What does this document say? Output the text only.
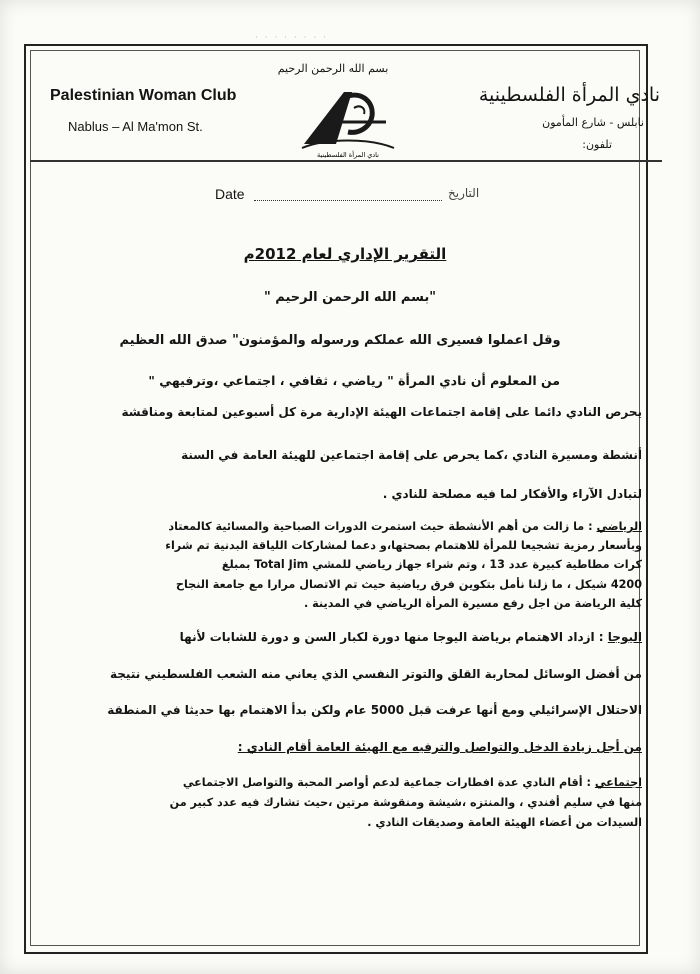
· · · · · · · ·
Palestinian Woman Club
Nablus – Al Ma'mon St.
نادي المرأة الفلسطينية
نابلس - شارع المأمون
تلفون:
بسم الله الرحمن الرحيم
نادي المرأة الفلسطينية
Date	التاريخ
التقرير الإداري لعام 2012م
"بسم الله الرحمن الرحيم "
وقل اعملوا فسيرى الله عملكم ورسوله والمؤمنون" صدق الله العظيم
من المعلوم أن نادي المرأة " رياضي ، ثقافي ، اجتماعي ،وترفيهي "
يحرص النادي دائما على إقامة اجتماعات الهيئة الإدارية مرة كل أسبوعين لمتابعة ومناقشة
أنشطة ومسيرة النادي ،كما يحرص على إقامة اجتماعين للهيئة العامة في السنة
لتبادل الآراء والأفكار لما فيه مصلحة للنادي .
الرياضي : ما زالت من أهم الأنشطة حيث استمرت الدورات الصباحية والمسائية كالمعتاد
وبأسعار رمزية تشجيعا للمرأة للاهتمام بصحتها،و دعما لمشاركات اللياقة البدنية تم شراء
كرات مطاطية كبيرة عدد 13 ، وتم شراء جهاز رياضي للمشي Total Jim بمبلغ
4200 شيكل ، ما زلنا نأمل بتكوين فرق رياضية حيث تم الاتصال مرارا مع جامعة النجاح
كلية الرياضة من اجل رفع مسيرة المرأة الرياضي في المدينة .
اليوجا : ازداد الاهتمام برياضة اليوجا منها دورة لكبار السن و دورة للشابات لأنها
من أفضل الوسائل لمحاربة القلق والتوتر النفسي الذي يعاني منه الشعب الفلسطيني نتيجة
الاحتلال الإسرائيلي ومع أنها عرفت قبل 5000 عام ولكن بدأ الاهتمام بها حديثا في المنطقة
من أجل زيادة الدخل والتواصل والترفيه مع الهيئة العامة أقام النادي :
اجتماعي : أقام النادي عدة افطارات جماعية لدعم أواصر المحبة والتواصل الاجتماعي
منها في سليم أفندي ، والمنتزه ،شيشة ومنقوشة مرتين ،حيث تشارك فيه عدد كبير من
السيدات من أعضاء الهيئة العامة وصديقات النادي .
